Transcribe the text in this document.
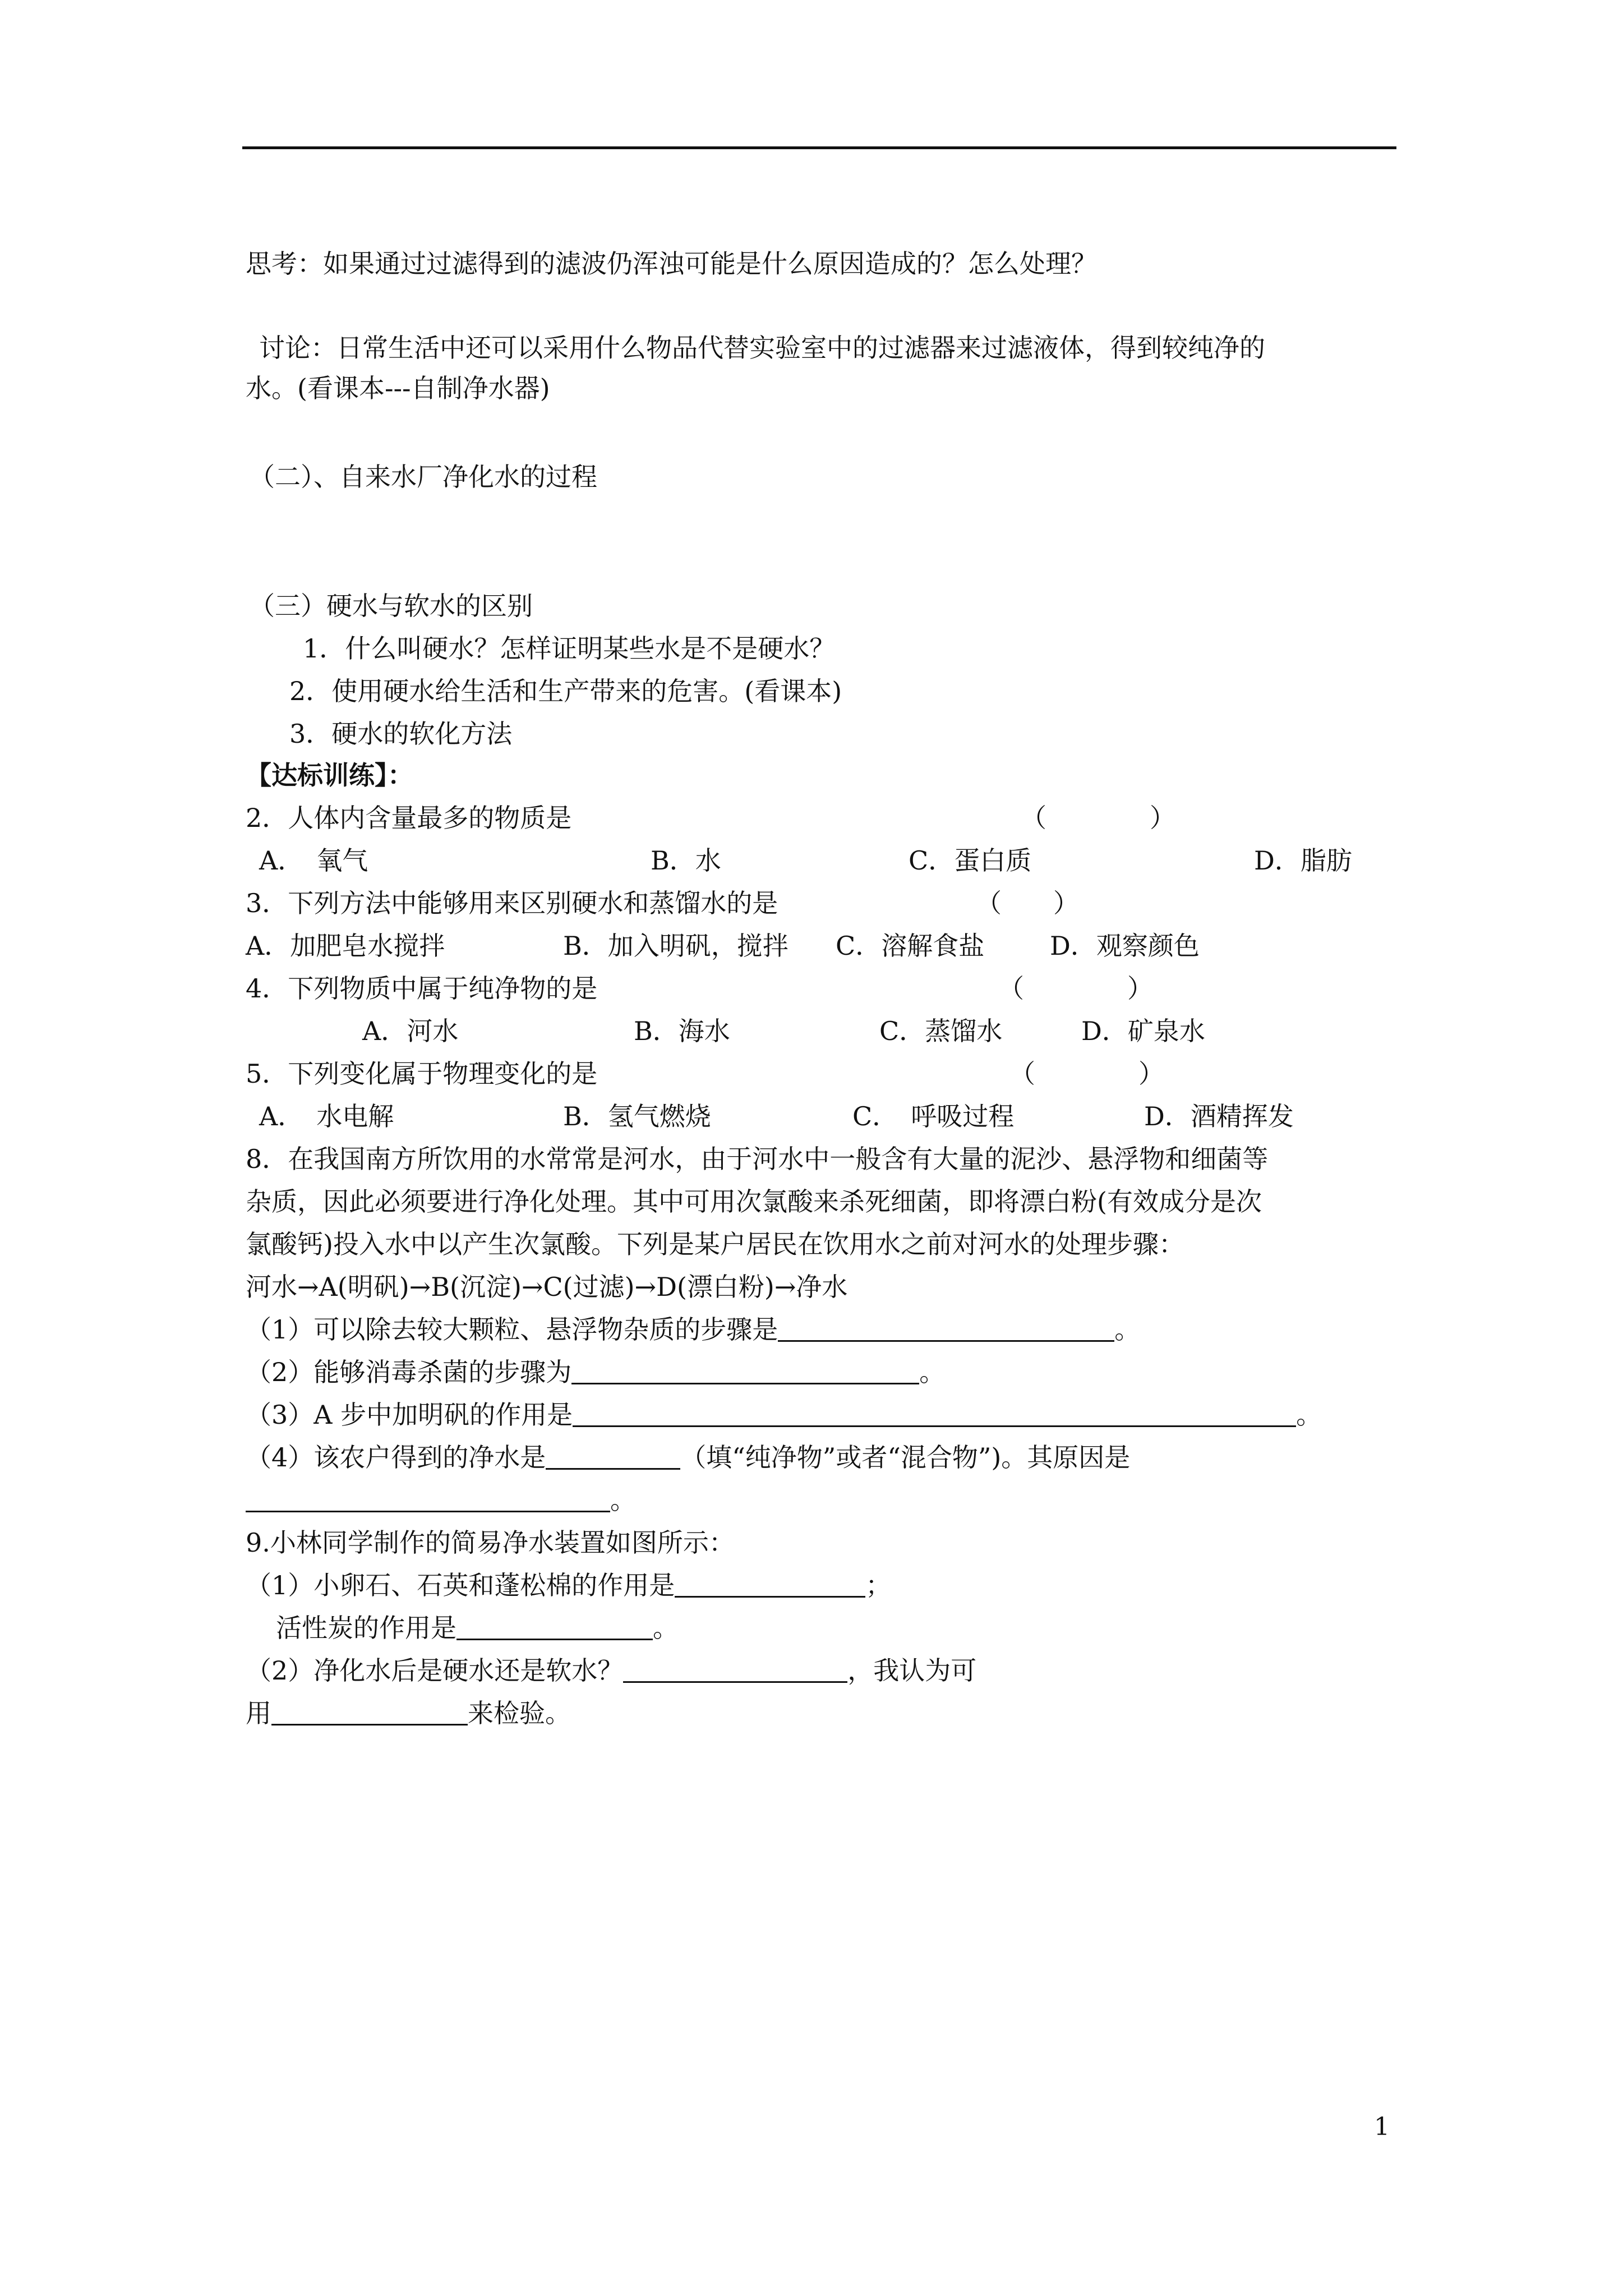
思考：如果通过过滤得到的滤波仍浑浊可能是什么原因造成的？怎么处理？
讨论：日常生活中还可以采用什么物品代替实验室中的过滤器来过滤液体，得到较纯净的
水。(看课本---自制净水器)
（二）、自来水厂净化水的过程
（三）硬水与软水的区别
1．什么叫硬水？怎样证明某些水是不是硬水？
2．使用硬水给生活和生产带来的危害。(看课本)
3．硬水的软化方法
【达标训练】：
2．人体内含量最多的物质是	（　　　　）
A．　氧气	B．水	C．蛋白质	D．脂肪
3．下列方法中能够用来区别硬水和蒸馏水的是	（　　）
A．加肥皂水搅拌	B．加入明矾，搅拌 C．溶解食盐	D．观察颜色
4．下列物质中属于纯净物的是	（　　　　）
A．河水	B．海水	C．蒸馏水	D．矿泉水
5．下列变化属于物理变化的是	（　　　　）
A．　水电解	B．氢气燃烧	C．　呼吸过程	D．酒精挥发
8．在我国南方所饮用的水常常是河水，由于河水中一般含有大量的泥沙、悬浮物和细菌等
杂质，因此必须要进行净化处理。其中可用次氯酸来杀死细菌，即将漂白粉(有效成分是次
氯酸钙)投入水中以产生次氯酸。下列是某户居民在饮用水之前对河水的处理步骤：
河水→A(明矾)→B(沉淀)→C(过滤)→D(漂白粉)→净水
（1）可以除去较大颗粒、悬浮物杂质的步骤是	。
（2）能够消毒杀菌的步骤为	。
（3）A 步中加明矾的作用是	。
（4）该农户得到的净水是	（填“纯净物”或者“混合物”)。其原因是
。
9.小林同学制作的简易净水装置如图所示：
（1）小卵石、石英和蓬松棉的作用是	；
活性炭的作用是	。
（2）净化水后是硬水还是软水？	，我认为可
用	来检验。
1
